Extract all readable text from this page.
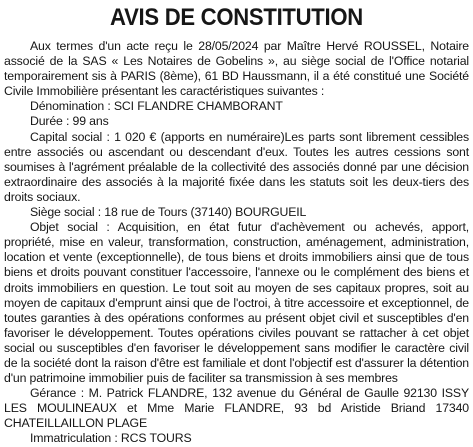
AVIS DE CONSTITUTION

Aux termes d'un acte reçu le 28/05/2024 par Maître Hervé ROUSSEL, Notaire associé de la SAS « Les Notaires de Gobelins », au siège social de l'Office notarial temporairement sis à PARIS (8ème), 61 BD Haussmann, il a été constitué une Société Civile Immobilière présentant les caractéristiques suivantes :

Dénomination : SCI FLANDRE CHAMBORANT

Durée : 99 ans

Capital social : 1 020 € (apports en numéraire)Les parts sont librement cessibles entre associés ou ascendant ou descendant d'eux. Toutes les autres cessions sont soumises à l'agrément préalable de la collectivité des associés donné par une décision extraordinaire des associés à la majorité fixée dans les statuts soit les deux-tiers des droits sociaux.

Siège social : 18 rue de Tours (37140) BOURGUEIL

Objet social : Acquisition, en état futur d'achèvement ou achevés, apport, propriété, mise en valeur, transformation, construction, aménagement, administration, location et vente (exceptionnelle), de tous biens et droits immobiliers ainsi que de tous biens et droits pouvant constituer l'accessoire, l'annexe ou le complément des biens et droits immobiliers en question. Le tout soit au moyen de ses capitaux propres, soit au moyen de capitaux d'emprunt ainsi que de l'octroi, à titre accessoire et exceptionnel, de toutes garanties à des opérations conformes au présent objet civil et susceptibles d'en favoriser le développement. Toutes opérations civiles pouvant se rattacher à cet objet social ou susceptibles d'en favoriser le développement sans modifier le caractère civil de la société dont la raison d'être est familiale et dont l'objectif est d'assurer la détention d'un patrimoine immobilier puis de faciliter sa transmission à ses membres

Gérance : M. Patrick FLANDRE, 132 avenue du Général de Gaulle 92130 ISSY LES MOULINEAUX et Mme Marie FLANDRE, 93 bd Aristide Briand 17340 CHATEILLAILLON PLAGE

Immatriculation : RCS TOURS
